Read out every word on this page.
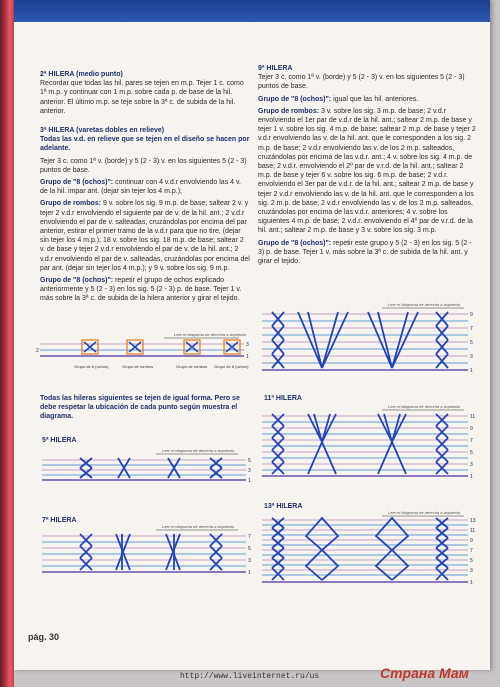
2ª HILERA (medio punto)
Recordar que todas las hil. pares se tejen en m.p. Tejer 1 c. como 1ª m.p. y continuar con 1 m.p. sobre cada p. de base de la hil. anterior. El último m.p. se teje sobre la 3ª c. de subida de la hil. anterior.

3ª HILERA (varetas dobles en relieve)
Todas las v.d. en relieve que se tejen en el diseño se hacen por adelante.

Tejer 3 c. como 1ª v. (borde) y 5 (2 - 3) v. en los siguientes 5 (2 - 3) puntos de base.

Grupo de "8 (ochos)": continuar con 4 v.d.r envolviendo las 4 v. de la hil. impar ant. (dejar sin tejer los 4 m.p.);

Grupo de rombos: 9 v. sobre los sig. 9 m.p. de base; saltear 2 v. y tejer 2 v.d.r envolviendo el siguiente par de v. de la hil. ant.; 2 v.d.r envolviendo el par de v. salteadas, cruzándolas por encima del par anterior, estirar el primer tramo de la v.d.r para que no tire, (dejar sin tejer los 4 m.p.); 18 v. sobre los sig. 18 m.p. de base; saltear 2 v. de base y tejer 2 v.d.r envolviendo el par de v. de la hil. ant.; 2 v.d.r envolviendo el par de v. salteadas, cruzándolas por encima del par ant. (dejar sin tejer los 4 m.p.); y 9 v. sobre los sig. 9 m.p.

Grupo de "8 (ochos)": repetir el grupo de ochos explicado anteriormente y 5 (2 - 3) en los sig. 5 (2 - 3) p. de base. Tejer 1 v. más sobre la 3ª c. de subida de la hilera anterior y girar el tejido.

Leer el diagrama de derecha a izquierda
2
3
1
Grupo de 8 (ochos)	Grupo de rombos	Grupo de rombos Grupo de 8 (ochos)
Todas las hileras siguientes se tejen de igual forma. Pero se debe respetar la ubicación de cada punto según muestra el diagrama.
5ª HILERA
Leer el diagrama de derecha a izquierda
5
3
1
7ª HILERA
Leer el diagrama de derecha a izquierda
7
5
3
1

9ª HILERA
Tejer 3 c. como 1ª v. (borde) y 5 (2 - 3) v. en los siguientes 5 (2 - 3) puntos de base.

Grupo de "8 (ochos)": igual que las hil. anteriores.

Grupo de rombos: 3 v. sobre los sig. 3 m.p. de base; 2 v.d.r envolviendo el 1er par de v.d.r de la hil. ant.; saltear 2 m.p. de base y tejer 1 v. sobre los sig. 4 m.p. de base; saltear 2 m.p. de base y tejer 2 v.d.r envolviendo las v. de la hil. ant. que le corresponden a los sig. 2 m.p. de base; 2 v.d.r envolviendo las v. de los 2 m.p. salteados, cruzándolas por encima de las v.d.r. ant.; 4 v. sobre los sig. 4 m.p. de base; 2 v.d.r. envolviendo el 2º par de v.r.d. de la hil. ant.; saltear 2 m.p. de base y tejer 6 v. sobre los sig. 6 m.p. de base; 2 v.d.r. envolviendo el 3er par de v.d.r. de la hil. ant.; saltear 2 m.p. de base y tejer 2 v.d.r envolviendo las v. de la hil. ant. que le corresponden a los sig. 2 m.p. de base; 2 v.d.r envolviendo las v. de los 2 m.p. salteados, cruzándolas por encima de las v.d.r. anteriores; 4 v. sobre los siguientes 4 m.p. de base; 2 v.d.r. envolviendo el 4º par de v.r.d. de la hil. ant.; saltear 2 m.p. de base y 3 v. sobre los sig. 3 m.p.

Grupo de "8 (ochos)": repetir este grupo y 5 (2 - 3) en los sig. 5 (2 - 3) p. de base. Tejer 1 v. más sobre la 3ª c. de subida de la hil. ant. y girar el tejido.

Leer el diagrama de derecha a izquierda
9
7
5
3
1
11ª HILERA
Leer el diagrama de derecha a izquierda
11
9
7
5
3
1
13ª HILERA
Leer el diagrama de derecha a izquierda
13
11
9
7
5
3
1
pág. 30
http://www.liveinternet.ru/us	Страна Мам
